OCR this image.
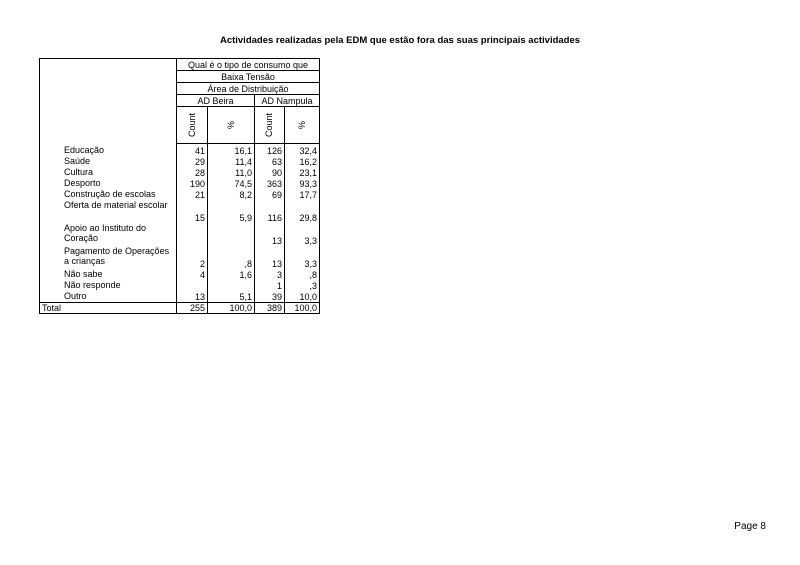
Actividades realizadas pela EDM que estão fora das suas principais actividades
	Qual é o tipo de consumo que			
	Baixa Tensão			
	Área de Distribuição			
	AD Beira		AD Nampula	
	Count	%	Count	%
Educação	41	16,1	126	32,4
Saúde	29	11,4	63	16,2
Cultura	28	11,0	90	23,1
Desporto	190	74,5	363	93,3
Construção de escolas	21	8,2	69	17,7
Oferta de material escolar	15	5,9	116	29,8
Apoio ao Instituto do Coração			13	3,3
Pagamento de Operações a crianças	2	,8	13	3,3
Não sabe	4	1,6	3	,8
Não responde			1	,3
Outro	13	5,1	39	10,0
Total	255	100,0	389	100,0
Page 8
